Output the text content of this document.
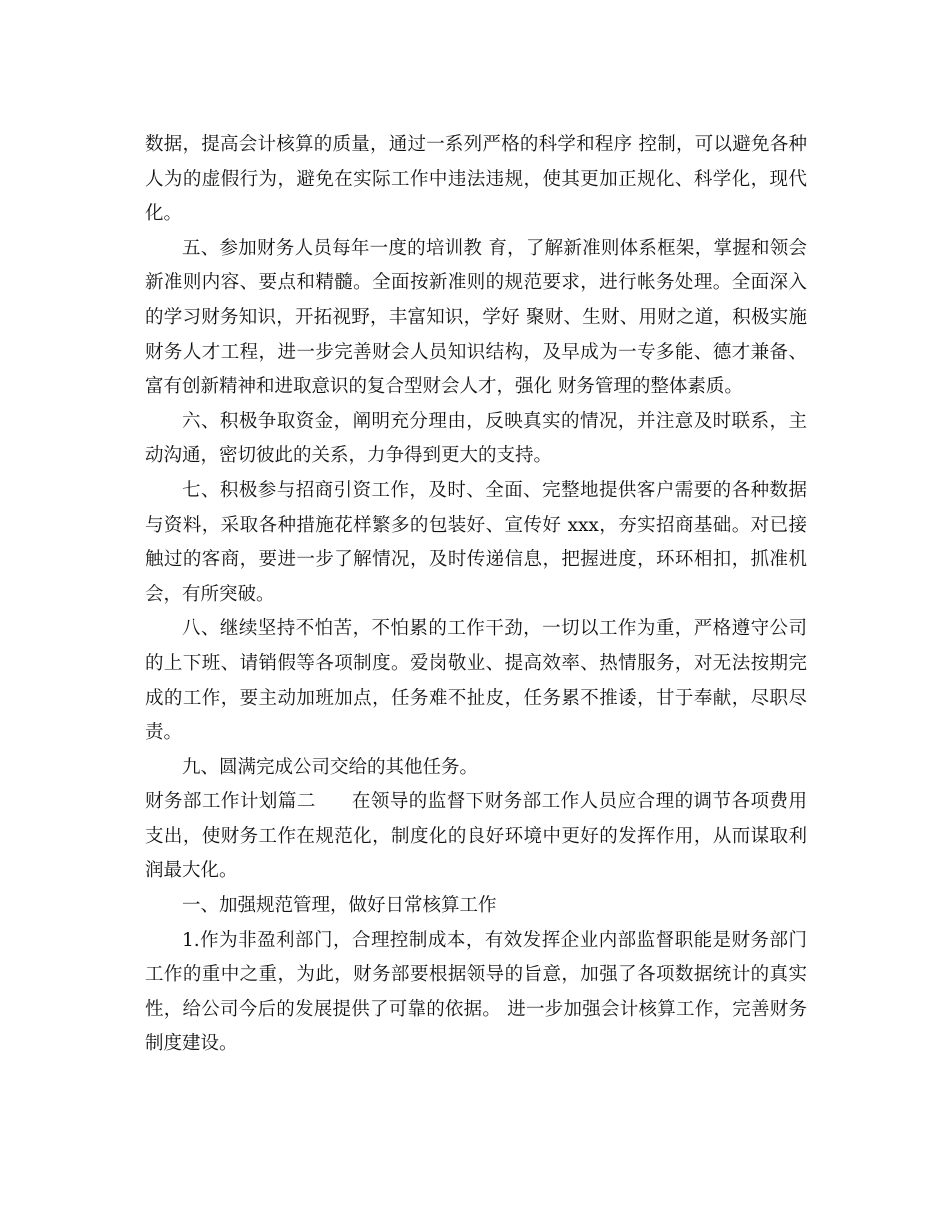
数据，提高会计核算的质量，通过一系列严格的科学和程序 控制，可以避免各种人为的虚假行为，避免在实际工作中违法违规，使其更加正规化、科学化，现代化。

五、参加财务人员每年一度的培训教 育，了解新准则体系框架，掌握和领会新准则内容、要点和精髓。全面按新准则的规范要求，进行帐务处理。全面深入的学习财务知识，开拓视野，丰富知识，学好 聚财、生财、用财之道，积极实施财务人才工程，进一步完善财会人员知识结构，及早成为一专多能、德才兼备、富有创新精神和进取意识的复合型财会人才，强化 财务管理的整体素质。

六、积极争取资金，阐明充分理由，反映真实的情况，并注意及时联系，主动沟通，密切彼此的关系，力争得到更大的支持。

七、积极参与招商引资工作，及时、全面、完整地提供客户需要的各种数据与资料，采取各种措施花样繁多的包装好、宣传好 xxx，夯实招商基础。对已接触过的客商，要进一步了解情况，及时传递信息，把握进度，环环相扣，抓准机会，有所突破。

八、继续坚持不怕苦，不怕累的工作干劲，一切以工作为重，严格遵守公司的上下班、请销假等各项制度。爱岗敬业、提高效率、热情服务，对无法按期完成的工作，要主动加班加点，任务难不扯皮，任务累不推诿，甘于奉献，尽职尽责。

九、圆满完成公司交给的其他任务。

财务部工作计划篇二 在领导的监督下财务部工作人员应合理的调节各项费用支出，使财务工作在规范化，制度化的良好环境中更好的发挥作用，从而谋取利润最大化。

一、加强规范管理，做好日常核算工作

1.作为非盈利部门，合理控制成本，有效发挥企业内部监督职能是财务部门工作的重中之重，为此，财务部要根据领导的旨意，加强了各项数据统计的真实性，给公司今后的发展提供了可靠的依据。 进一步加强会计核算工作，完善财务制度建设。
